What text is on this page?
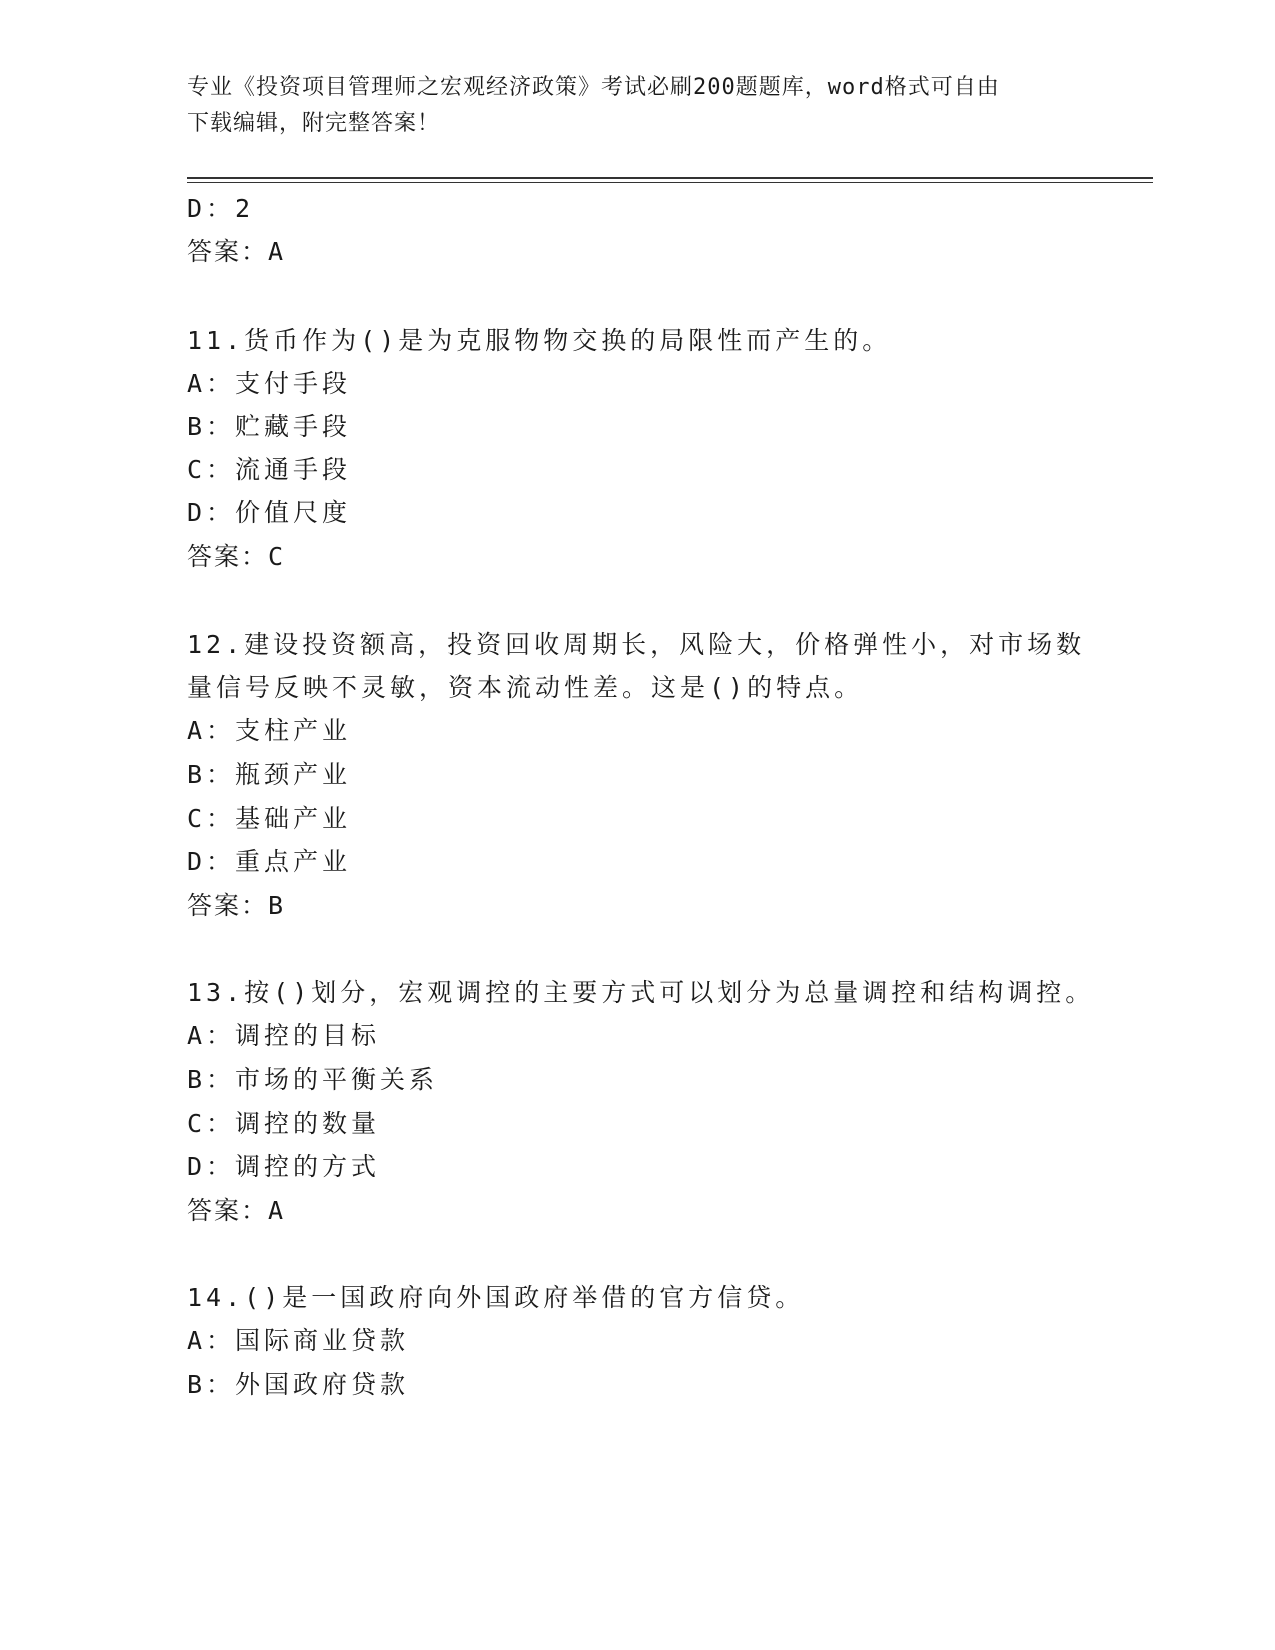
专业《投资项目管理师之宏观经济政策》考试必刷200题题库，word格式可自由
下载编辑，附完整答案！
D：2
答案：A
11.货币作为()是为克服物物交换的局限性而产生的。
A：支付手段
B：贮藏手段
C：流通手段
D：价值尺度
答案：C
12.建设投资额高，投资回收周期长，风险大，价格弹性小，对市场数
量信号反映不灵敏，资本流动性差。这是()的特点。
A：支柱产业
B：瓶颈产业
C：基础产业
D：重点产业
答案：B
13.按()划分，宏观调控的主要方式可以划分为总量调控和结构调控。
A：调控的目标
B：市场的平衡关系
C：调控的数量
D：调控的方式
答案：A
14.()是一国政府向外国政府举借的官方信贷。
A：国际商业贷款
B：外国政府贷款
